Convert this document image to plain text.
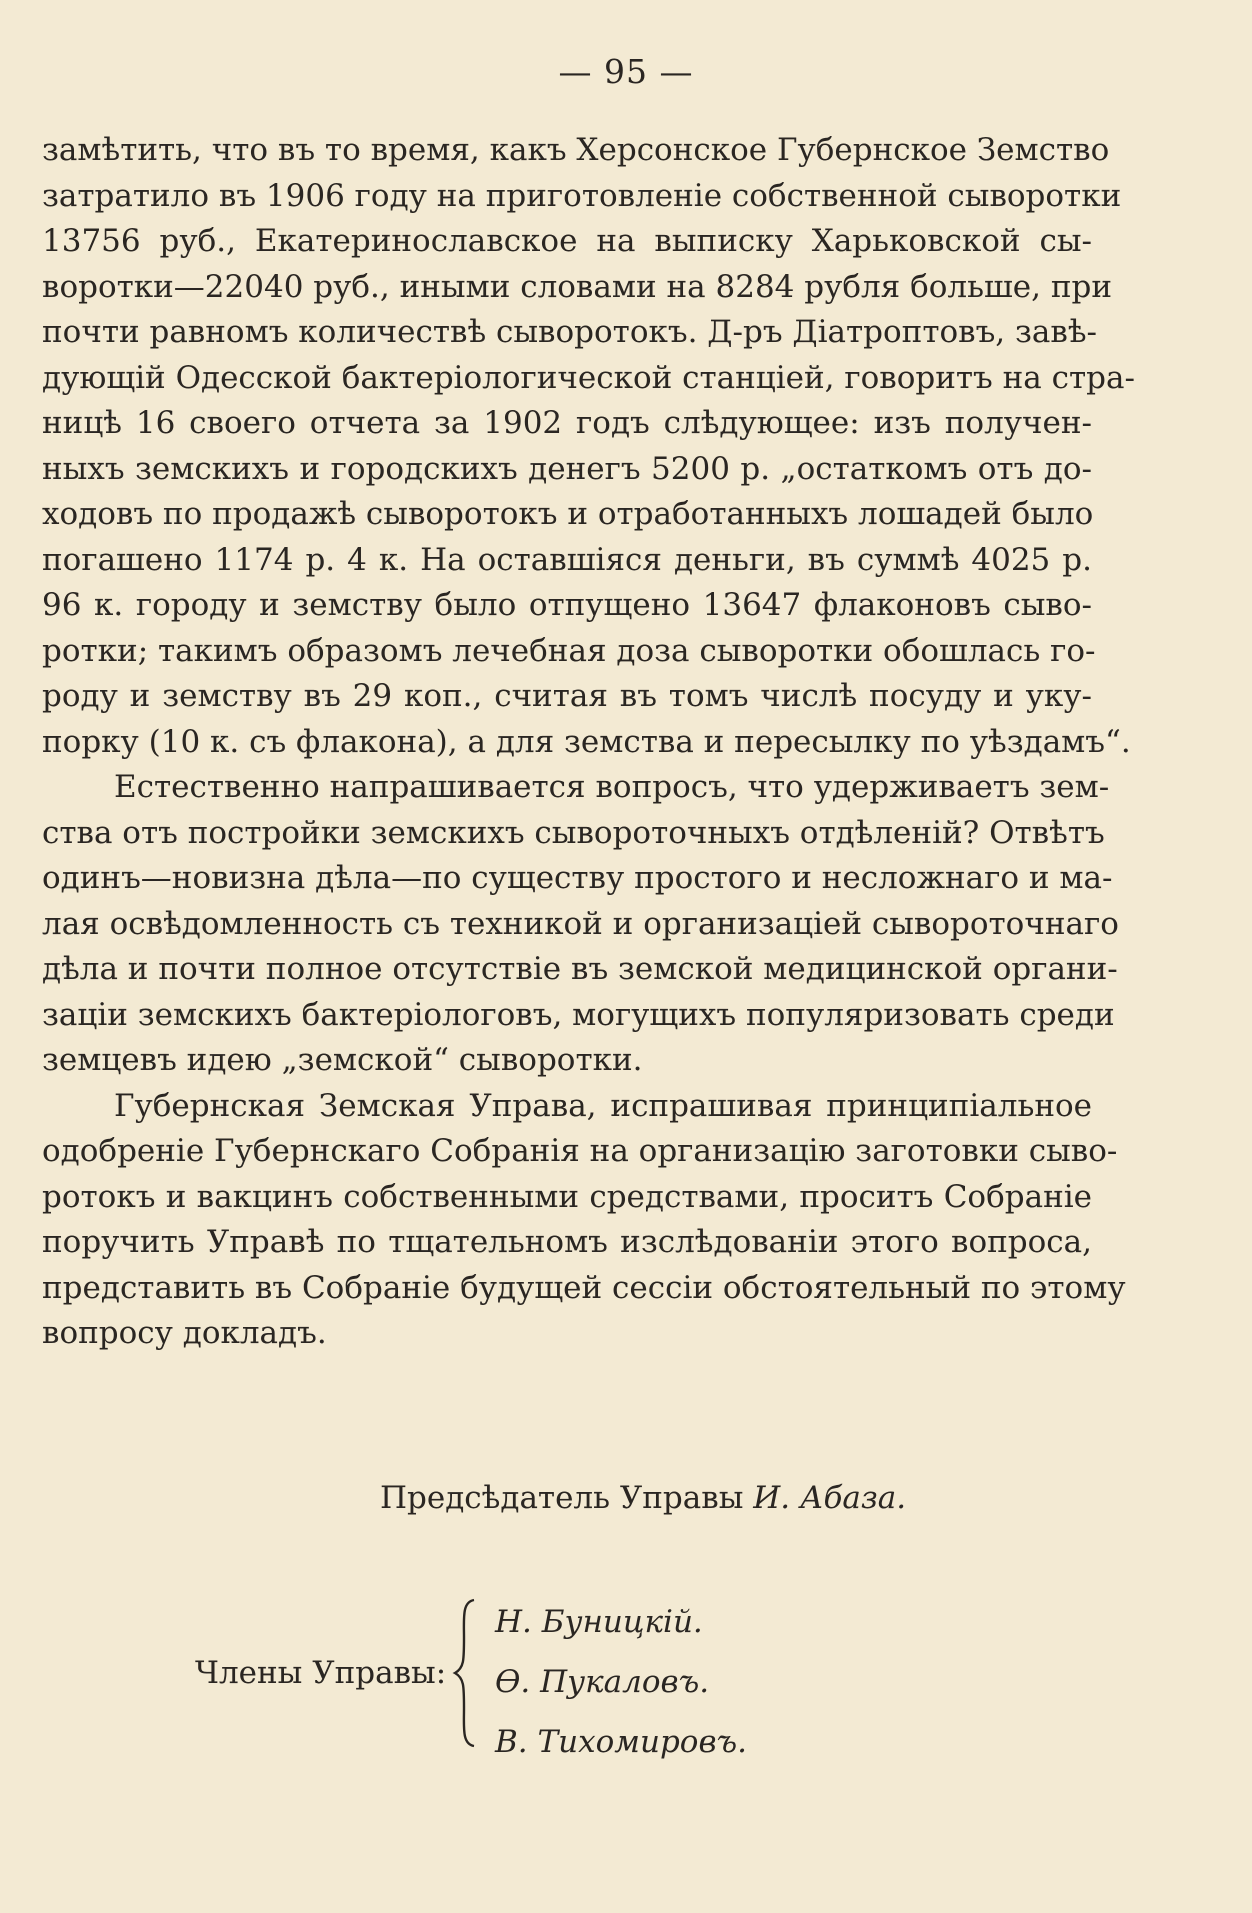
— 95 —
замѣтить, что въ то время, какъ Херсонское Губернское Земство
затратило въ 1906 году на приготовленіе собственной сыворотки
13756 руб., Екатеринославское на выписку Харьковской сы-
воротки—22040 руб., иными словами на 8284 рубля больше, при
почти равномъ количествѣ сыворотокъ. Д-ръ Діатроптовъ, завѣ-
дующій Одесской бактеріологической станціей, говоритъ на стра-
ницѣ 16 своего отчета за 1902 годъ слѣдующее: изъ получен-
ныхъ земскихъ и городскихъ денегъ 5200 р. „остаткомъ отъ до-
ходовъ по продажѣ сыворотокъ и отработанныхъ лошадей было
погашено 1174 р. 4 к. На оставшіяся деньги, въ суммѣ 4025 р.
96 к. городу и земству было отпущено 13647 флаконовъ сыво-
ротки; такимъ образомъ лечебная доза сыворотки обошлась го-
роду и земству въ 29 коп., считая въ томъ числѣ посуду и уку-
порку (10 к. съ флакона), а для земства и пересылку по уѣздамъ“.
Естественно напрашивается вопросъ, что удерживаетъ зем-
ства отъ постройки земскихъ сывороточныхъ отдѣленій? Отвѣтъ
одинъ—новизна дѣла—по существу простого и несложнаго и ма-
лая освѣдомленность съ техникой и организаціей сывороточнаго
дѣла и почти полное отсутствіе въ земской медицинской органи-
заціи земскихъ бактеріологовъ, могущихъ популяризовать среди
земцевъ идею „земской“ сыворотки.
Губернская Земская Управа, испрашивая принципіальное
одобреніе Губернскаго Собранія на организацію заготовки сыво-
ротокъ и вакцинъ собственными средствами, проситъ Собраніе
поручить Управѣ по тщательномъ изслѣдованіи этого вопроса,
представить въ Собраніе будущей сессіи обстоятельный по этому
вопросу докладъ.
Предсѣдатель Управы И. Абаза.
Члены Управы:
Н. Буницкій.
Ѳ. Пукаловъ.
В. Тихомировъ.
